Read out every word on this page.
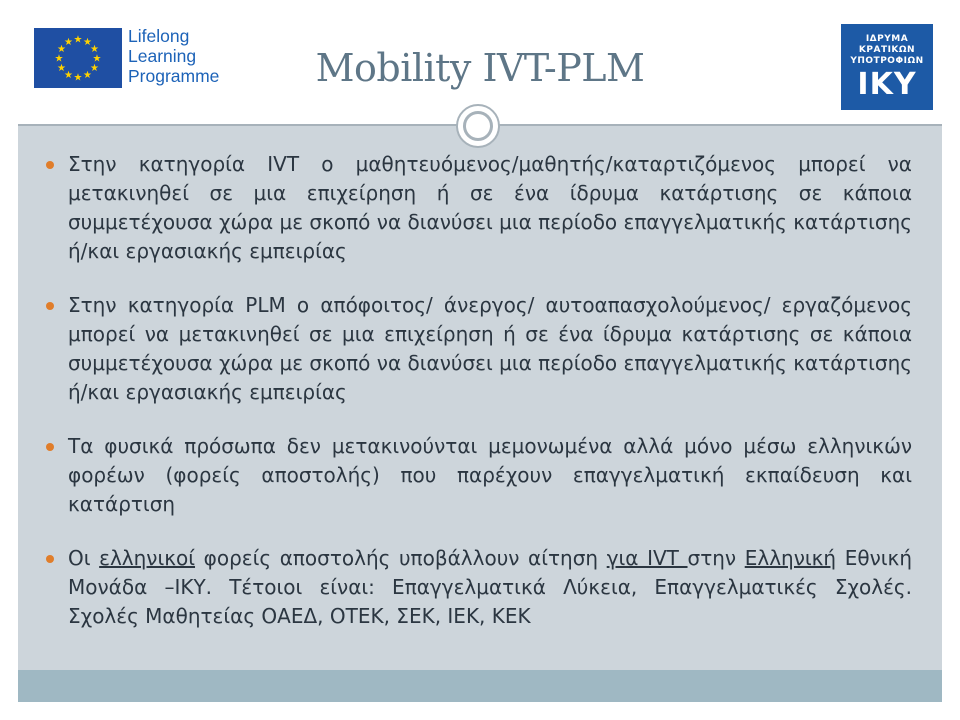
★ ★
★
★
★
★
★
★
★
★
★
★	Lifelong
Learning
Programme	Mobility IVT-PLM
ΙΔΡΥΜΑ
ΚΡΑΤΙΚΩΝ
ΥΠΟΤΡΟΦΙΩΝ
IKY

Στην κατηγορία IVT ο μαθητευόμενος/μαθητής/καταρτιζόμενος μπορεί να μετακινηθεί σε μια επιχείρηση ή σε ένα ίδρυμα κατάρτισης σε κάποια συμμετέχουσα χώρα με σκοπό να διανύσει μια περίοδο επαγγελματικής κατάρτισης ή/και εργασιακής εμπειρίας

Στην κατηγορία PLM ο απόφοιτος/ άνεργος/ αυτοαπασχολούμενος/ εργαζόμενος μπορεί να μετακινηθεί σε μια επιχείρηση ή σε ένα ίδρυμα κατάρτισης σε κάποια συμμετέχουσα χώρα με σκοπό να διανύσει μια περίοδο επαγγελματικής κατάρτισης ή/και εργασιακής εμπειρίας

Τα φυσικά πρόσωπα δεν μετακινούνται μεμονωμένα αλλά μόνο μέσω ελληνικών φορέων (φορείς αποστολής) που παρέχουν επαγγελματική εκπαίδευση και κατάρτιση

Οι ελληνικοί φορείς αποστολής υποβάλλουν αίτηση για IVT στην Ελληνική Εθνική Μονάδα –ΙΚΥ. Τέτοιοι είναι: Επαγγελματικά Λύκεια, Επαγγελματικές Σχολές. Σχολές Μαθητείας ΟΑΕΔ, ΟΤΕΚ, ΣΕΚ, ΙΕΚ, ΚΕΚ
